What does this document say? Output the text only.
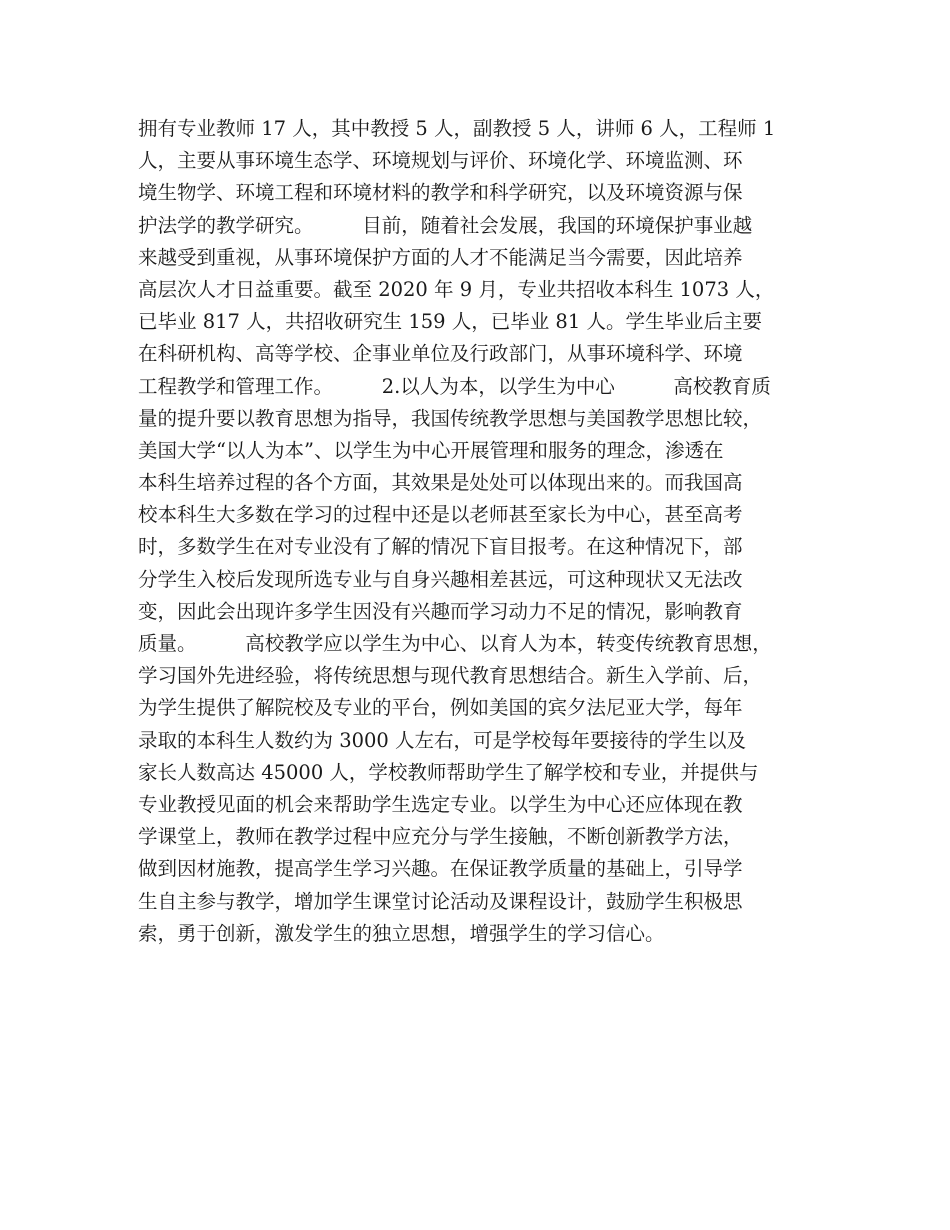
拥有专业教师 17 人，其中教授 5 人，副教授 5 人，讲师 6 人，工程师 1
人，主要从事环境生态学、环境规划与评价、环境化学、环境监测、环
境生物学、环境工程和环境材料的教学和科学研究，以及环境资源与保
护法学的教学研究。　　　目前，随着社会发展，我国的环境保护事业越
来越受到重视，从事环境保护方面的人才不能满足当今需要，因此培养
高层次人才日益重要。截至 2020 年 9 月，专业共招收本科生 1073 人，
已毕业 817 人，共招收研究生 159 人，已毕业 81 人。学生毕业后主要
在科研机构、高等学校、企事业单位及行政部门，从事环境科学、环境
工程教学和管理工作。　　　2.以人为本，以学生为中心　　　高校教育质
量的提升要以教育思想为指导，我国传统教学思想与美国教学思想比较，
美国大学“以人为本”、以学生为中心开展管理和服务的理念，渗透在
本科生培养过程的各个方面，其效果是处处可以体现出来的。而我国高
校本科生大多数在学习的过程中还是以老师甚至家长为中心，甚至高考
时，多数学生在对专业没有了解的情况下盲目报考。在这种情况下，部
分学生入校后发现所选专业与自身兴趣相差甚远，可这种现状又无法改
变，因此会出现许多学生因没有兴趣而学习动力不足的情况，影响教育
质量。　　　高校教学应以学生为中心、以育人为本，转变传统教育思想，
学习国外先进经验，将传统思想与现代教育思想结合。新生入学前、后，
为学生提供了解院校及专业的平台，例如美国的宾夕法尼亚大学，每年
录取的本科生人数约为 3000 人左右，可是学校每年要接待的学生以及
家长人数高达 45000 人，学校教师帮助学生了解学校和专业，并提供与
专业教授见面的机会来帮助学生选定专业。以学生为中心还应体现在教
学课堂上，教师在教学过程中应充分与学生接触，不断创新教学方法，
做到因材施教，提高学生学习兴趣。在保证教学质量的基础上，引导学
生自主参与教学，增加学生课堂讨论活动及课程设计，鼓励学生积极思
索，勇于创新，激发学生的独立思想，增强学生的学习信心。
